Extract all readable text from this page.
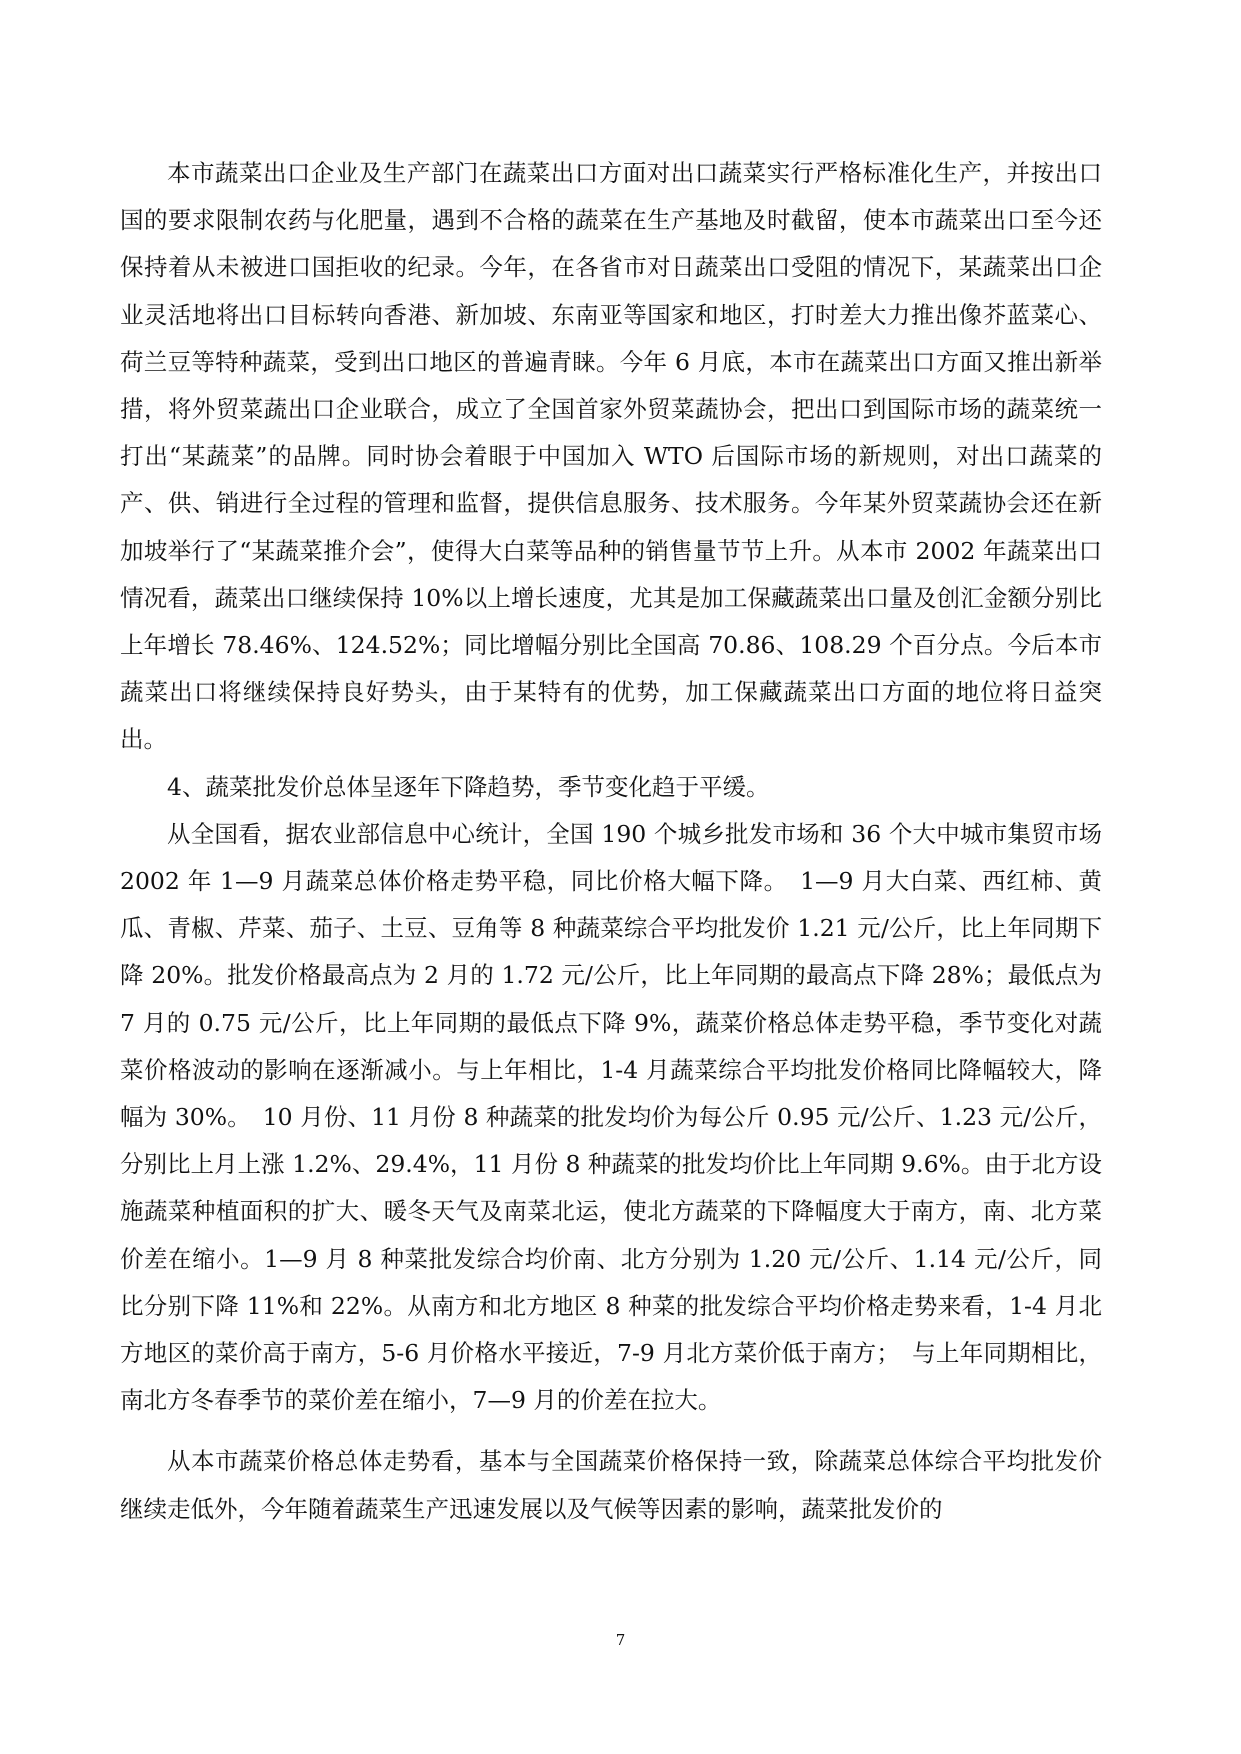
本市蔬菜出口企业及生产部门在蔬菜出口方面对出口蔬菜实行严格标准化生产，并按出口国的要求限制农药与化肥量，遇到不合格的蔬菜在生产基地及时截留，使本市蔬菜出口至今还保持着从未被进口国拒收的纪录。今年，在各省市对日蔬菜出口受阻的情况下，某蔬菜出口企业灵活地将出口目标转向香港、新加坡、东南亚等国家和地区，打时差大力推出像芥蓝菜心、荷兰豆等特种蔬菜，受到出口地区的普遍青睐。今年 6 月底，本市在蔬菜出口方面又推出新举措，将外贸菜蔬出口企业联合，成立了全国首家外贸菜蔬协会，把出口到国际市场的蔬菜统一打出“某蔬菜”的品牌。同时协会着眼于中国加入 WTO 后国际市场的新规则，对出口蔬菜的产、供、销进行全过程的管理和监督，提供信息服务、技术服务。今年某外贸菜蔬协会还在新加坡举行了“某蔬菜推介会”，使得大白菜等品种的销售量节节上升。从本市 2002 年蔬菜出口情况看，蔬菜出口继续保持 10%以上增长速度，尤其是加工保藏蔬菜出口量及创汇金额分别比上年增长 78.46%、124.52%；同比增幅分别比全国高 70.86、108.29 个百分点。今后本市蔬菜出口将继续保持良好势头，由于某特有的优势，加工保藏蔬菜出口方面的地位将日益突出。

4、蔬菜批发价总体呈逐年下降趋势，季节变化趋于平缓。

从全国看，据农业部信息中心统计，全国 190 个城乡批发市场和 36 个大中城市集贸市场 2002 年 1—9 月蔬菜总体价格走势平稳，同比价格大幅下降。　1—9 月大白菜、西红柿、黄瓜、青椒、芹菜、茄子、土豆、豆角等 8 种蔬菜综合平均批发价 1.21 元/公斤，比上年同期下降 20%。批发价格最高点为 2 月的 1.72 元/公斤，比上年同期的最高点下降 28%；最低点为 7 月的 0.75 元/公斤，比上年同期的最低点下降 9%，蔬菜价格总体走势平稳，季节变化对蔬菜价格波动的影响在逐渐减小。与上年相比，1-4 月蔬菜综合平均批发价格同比降幅较大，降幅为 30%。　10 月份、11 月份 8 种蔬菜的批发均价为每公斤 0.95 元/公斤、1.23 元/公斤，分别比上月上涨 1.2%、29.4%，11 月份 8 种蔬菜的批发均价比上年同期 9.6%。由于北方设施蔬菜种植面积的扩大、暖冬天气及南菜北运，使北方蔬菜的下降幅度大于南方，南、北方菜价差在缩小。1—9 月 8 种菜批发综合均价南、北方分别为 1.20 元/公斤、1.14 元/公斤，同比分别下降 11%和 22%。从南方和北方地区 8 种菜的批发综合平均价格走势来看，1-4 月北方地区的菜价高于南方，5-6 月价格水平接近，7-9 月北方菜价低于南方；　与上年同期相比，南北方冬春季节的菜价差在缩小，7—9 月的价差在拉大。

从本市蔬菜价格总体走势看，基本与全国蔬菜价格保持一致，除蔬菜总体综合平均批发价继续走低外，今年随着蔬菜生产迅速发展以及气候等因素的影响，蔬菜批发价的

7
